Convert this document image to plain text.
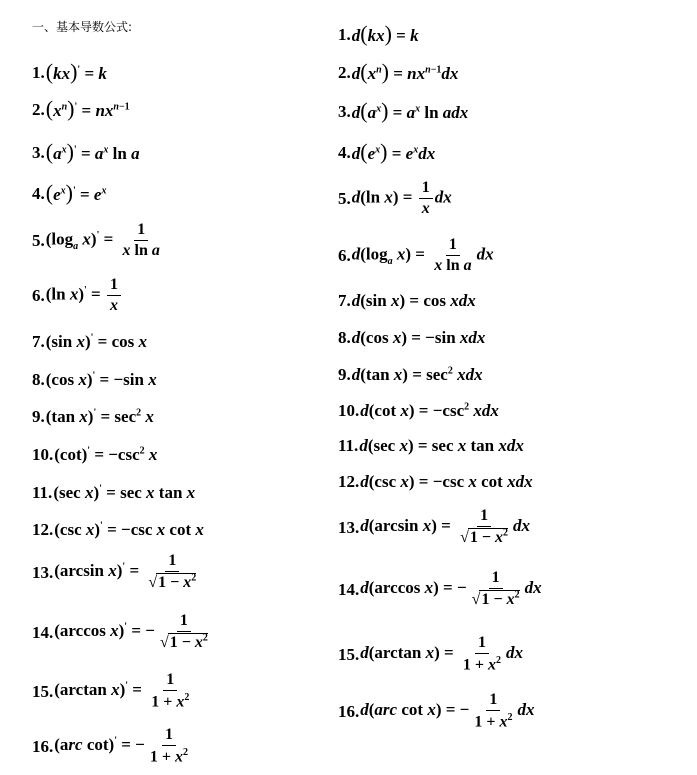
一、基本导数公式:
1. (kx)' = k
2. $(x^n)' = nx^{n-1}$
3. $(a^x)' = a^x$ ln a
4. $(e^x)' = e^x$
5. ($\log_a$ $x)' = \frac{1}{\text{x ln a}}$
6. (ln $x)' = \frac{1}{x}$
7. (sin x)' = cos x
8. (cos x)' = −sin x
9. (tan $x)' = \sec^2 x$
10. $(\cot)' = -\csc^2$ x
11. (sec x)' = sec x tan x
12. (csc x)' = −csc x cot x
13. (arcsin $x)' = \frac{1}{√1 - x^2}$
14. (arccos x)' = − $\frac{1}{√1 - x^2}$
15. (arctan $x)' = \frac{1}{1 + x^2}$
16. (arc cot)' = − $\frac{1}{1 + x^2}$
1. d(kx) = k
2. $d(x^n) = nx^{n-1}dx$
3. $d(a^x) = a^x$ ln adx
4. $d(e^x) = e^xdx$
5. d(ln $x) = \frac{1}{x}$ dx
6. $d(\log_a$ $x) = \frac{1}{\text{x ln a}}$ dx
7. d(sin x) = cos xdx
8. d(cos x) = −sin xdx
9. d(tan $x) = \sec^2$ xdx
10. d(cot $x) = -\csc^2$ xdx
11. d(sec x) = sec x tan xdx
12. d(csc x) = −csc x cot xdx
13. d(arcsin $x) = \frac{1}{√1 - x^2}$ dx
14. d(arccos x) = − $\frac{1}{√1 - x^2}$ dx
15. d(arctan $x) = \frac{1}{1 + x^2}$ dx
16. d(arc cot x) = − $\frac{1}{1 + x^2}$ dx
